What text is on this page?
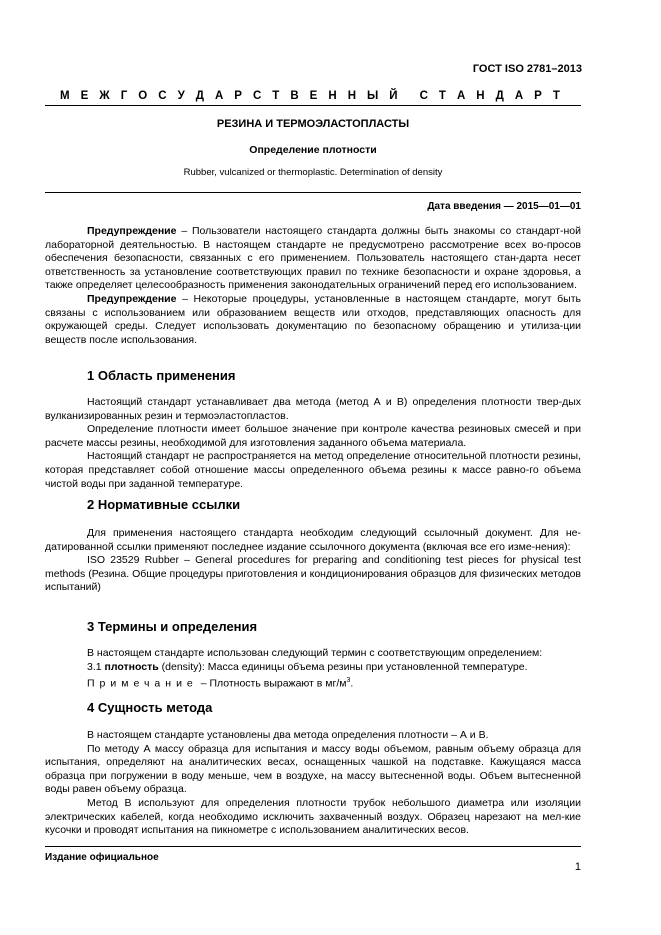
ГОСТ ISO 2781–2013
М Е Ж Г О С У Д А Р С Т В Е Н Н Ы Й С Т А Н Д А Р Т
РЕЗИНА И ТЕРМОЭЛАСТОПЛАСТЫ
Определение плотности
Rubber, vulcanized or thermoplastic. Determination of density
Дата введения — 2015—01—01

Предупреждение – Пользователи настоящего стандарта должны быть знакомы со стандарт-ной лабораторной деятельностью. В настоящем стандарте не предусмотрено рассмотрение всех во-просов обеспечения безопасности, связанных с его применением. Пользователь настоящего стан-дарта несет ответственность за установление соответствующих правил по технике безопасности и охране здоровья, а также определяет целесообразность применения законодательных ограничений перед его использованием.

Предупреждение – Некоторые процедуры, установленные в настоящем стандарте, могут быть связаны с использованием или образованием веществ или отходов, представляющих опасность для окружающей среды. Следует использовать документацию по безопасному обращению и утилиза-ции веществ после использования.

1 Область применения

Настоящий стандарт устанавливает два метода (метод А и В) определения плотности твер-дых вулканизированных резин и термоэластопластов.

Определение плотности имеет большое значение при контроле качества резиновых смесей и при расчете массы резины, необходимой для изготовления заданного объема материала.

Настоящий стандарт не распространяется на метод определение относительной плотности резины, которая представляет собой отношение массы определенного объема резины к массе равно-го объема чистой воды при заданной температуре.

2 Нормативные ссылки

Для применения настоящего стандарта необходим следующий ссылочный документ. Для не-датированной ссылки применяют последнее издание ссылочного документа (включая все его изме-нения):

ISO 23529 Rubber – General procedures for preparing and conditioning test pieces for physical test methods (Резина. Общие процедуры приготовления и кондиционирования образцов для физических методов испытаний)

3 Термины и определения

В настоящем стандарте использован следующий термин с соответствующим определением:

3.1 плотность (density): Масса единицы объема резины при установленной температуре.

Примечание – Плотность выражают в $мг/м^3$.

4 Сущность метода

В настоящем стандарте установлены два метода определения плотности – А и В.

По методу А массу образца для испытания и массу воды объемом, равным объему образца для испытания, определяют на аналитических весах, оснащенных чашкой на подставке. Кажущаяся масса образца при погружении в воду меньше, чем в воздухе, на массу вытесненной воды. Объем вытесненной воды равен объему образца.

Метод В используют для определения плотности трубок небольшого диаметра или изоляции электрических кабелей, когда необходимо исключить захваченный воздух. Образец нарезают на мел-кие кусочки и проводят испытания на пикнометре с использованием аналитических весов.

Издание официальное
1
